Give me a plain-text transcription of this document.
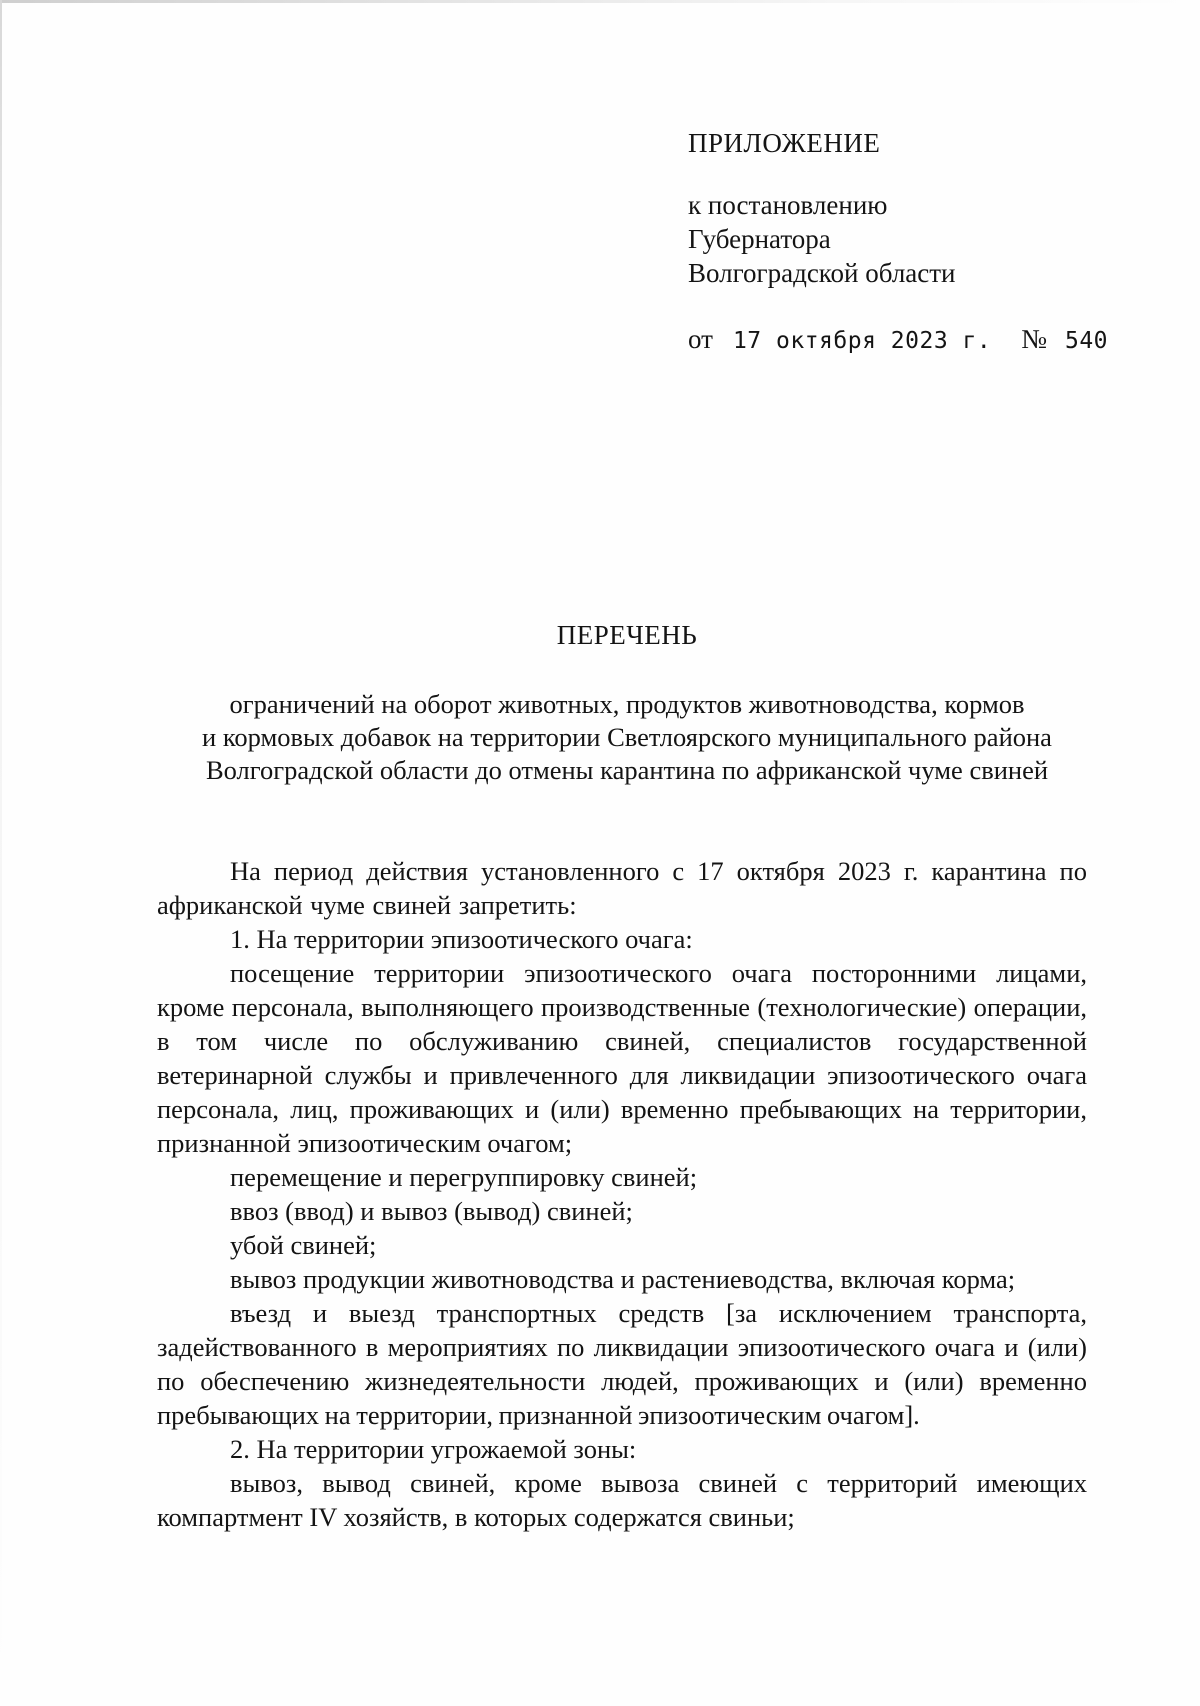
ПРИЛОЖЕНИЕ
к постановлению
Губернатора
Волгоградской области
от 17 октября 2023 г. № 540
ПЕРЕЧЕНЬ
ограничений на оборот животных, продуктов животноводства, кормов
и кормовых добавок на территории Светлоярского муниципального района
Волгоградской области до отмены карантина по африканской чуме свиней

На период действия установленного с 17 октября 2023 г. карантина по африканской чуме свиней запретить:

1. На территории эпизоотического очага:

посещение территории эпизоотического очага посторонними лицами, кроме персонала, выполняющего производственные (технологические) операции, в том числе по обслуживанию свиней, специалистов государственной ветеринарной службы и привлеченного для ликвидации эпизоотического очага персонала, лиц, проживающих и (или) временно пребывающих на территории, признанной эпизоотическим очагом;

перемещение и перегруппировку свиней;

ввоз (ввод) и вывоз (вывод) свиней;

убой свиней;

вывоз продукции животноводства и растениеводства, включая корма;

въезд и выезд транспортных средств [за исключением транспорта, задействованного в мероприятиях по ликвидации эпизоотического очага и (или) по обеспечению жизнедеятельности людей, проживающих и (или) временно пребывающих на территории, признанной эпизоотическим очагом].

2. На территории угрожаемой зоны:

вывоз, вывод свиней, кроме вывоза свиней с территорий имеющих компартмент IV хозяйств, в которых содержатся свиньи;
